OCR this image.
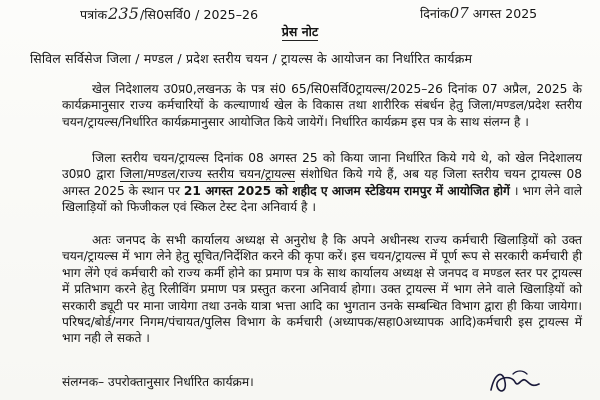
पत्रांक235/सि0सर्वि0 / 2025–26	दिनांक07 अगस्त 2025
प्रेस नोट
सिविल सर्विसेज जिला / मण्डल / प्रदेश स्तरीय चयन / ट्रायल्स के आयोजन का निर्धारित कार्यक्रम
खेल निदेशालय उ0प्र0,लखनऊ के पत्र सं0 65/सि0सर्वि0ट्रायल्स/2025–26 दिनांक 07 अप्रैल, 2025 के कार्यक्रमानुसार राज्य कर्मचारियों के कल्याणार्थ खेल के विकास तथा शारीरिक संबर्धन हेतु जिला/मण्डल/प्रदेश स्तरीय चयन/ट्रायल्स/निर्धारित कार्यक्रमानुसार आयोजित किये जायेगें। निर्धारित कार्यक्रम इस पत्र के साथ संलग्न है ।
जिला स्तरीय चयन/ट्रायल्स दिनांक 08 अगस्त 25 को किया जाना निर्धारित किये गये थे, को खेल निदेशालय उ0प्र0 द्वारा जिला/मण्डल/राज्य स्तरीय चयन/ट्रायल्स संशोधित किये गये हैं, अब यह जिला स्तरीय चयन ट्रायल्स 08 अगस्त 2025 के स्थान पर 21 अगस्त 2025 को शहीद ए आजम स्टेडियम रामपुर में आयोजित होगें । भाग लेने वाले खिलाड़ियों को फिजीकल एवं स्किल टेस्ट देना अनिवार्य है ।
अतः जनपद के सभी कार्यालय अध्यक्ष से अनुरोध है कि अपने अधीनस्थ राज्य कर्मचारी खिलाड़ियों को उक्त चयन/ट्रायल्स में भाग लेने हेतु सूचित/निर्देशित करने की कृपा करें। इस चयन/ट्रायल्स में पूर्ण रूप से सरकारी कर्मचारी ही भाग लेंगे एवं कर्मचारी को राज्य कर्मी होने का प्रमाण पत्र के साथ कार्यालय अध्यक्ष से जनपद व मण्डल स्तर पर ट्रायल्स में प्रतिभाग करने हेतु रिलीविंग प्रमाण पत्र प्रस्तुत करना अनिवार्य होगा। उक्त ट्रायल्स में भाग लेने वाले खिलाड़ियों को सरकारी ड्यूटी पर माना जायेगा तथा उनके यात्रा भत्ता आदि का भुगतान उनके सम्बन्धित विभाग द्वारा ही किया जायेगा। परिषद/बोर्ड/नगर निगम/पंचायत/पुलिस विभाग के कर्मचारी (अध्यापक/सहा0अध्यापक आदि)कर्मचारी इस ट्रायल्स में भाग नही ले सकते ।
संलग्नक– उपरोक्तानुसार निर्धारित कार्यक्रम।
